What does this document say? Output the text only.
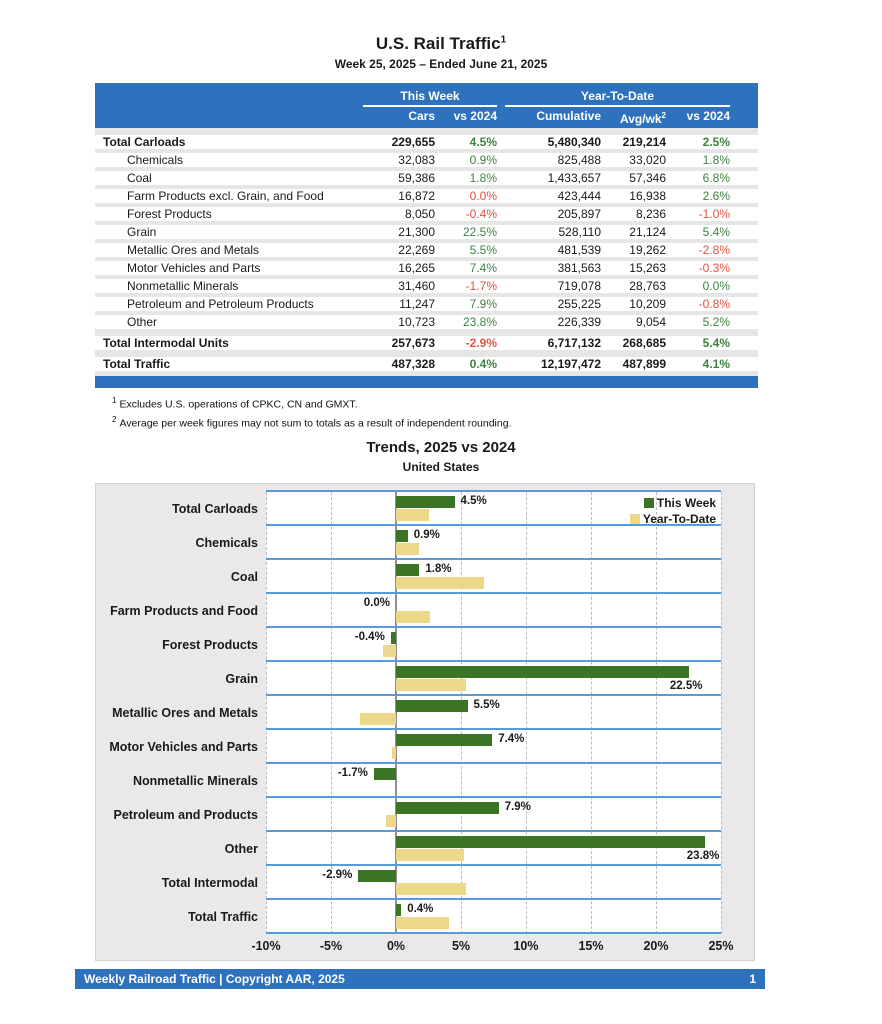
U.S. Rail Traffic$^1$
Week 25, 2025 – Ended June 21, 2025
This Week	Year-To-Date
Cars	vs 2024	Cumulative	Avg/$wk^2$	vs 2024
Total Carloads	229,655	4.5%	5,480,340	219,214	2.5%
Chemicals	32,083	0.9%	825,488	33,020	1.8%
Coal	59,386	1.8%	1,433,657	57,346	6.8%
Farm Products excl. Grain, and Food	16,872	0.0%	423,444	16,938	2.6%
Forest Products	8,050	-0.4%	205,897	8,236	-1.0%
Grain	21,300	22.5%	528,110	21,124	5.4%
Metallic Ores and Metals	22,269	5.5%	481,539	19,262	-2.8%
Motor Vehicles and Parts	16,265	7.4%	381,563	15,263	-0.3%
Nonmetallic Minerals	31,460	-1.7%	719,078	28,763	0.0%
Petroleum and Petroleum Products	11,247	7.9%	255,225	10,209	-0.8%
Other	10,723	23.8%	226,339	9,054	5.2%
Total Intermodal Units	257,673	-2.9%	6,717,132	268,685	5.4%
Total Traffic	487,328	0.4%	12,197,472	487,899	4.1%
$^1$ Excludes U.S. operations of CPKC, CN and GMXT.
$^2$ Average per week figures may not sum to totals as a result of independent rounding.
Trends, 2025 vs 2024
United States
Total Carloads
Chemicals
Coal
Farm Products and Food
Forest Products
Grain
Metallic Ores and Metals
Motor Vehicles and Parts
Nonmetallic Minerals
Petroleum and Products
Other
Total Intermodal
Total Traffic
This Week
Year-To-Date
4.5%
0.9%
1.8%
0.0%
-0.4%
22.5%
5.5%
7.4%
-1.7%
7.9%
23.8%
-2.9%
0.4%
-10%	-5%	0%	5%	10%	15%	20%	25%
Weekly Railroad Traffic | Copyright AAR, 2025	1
